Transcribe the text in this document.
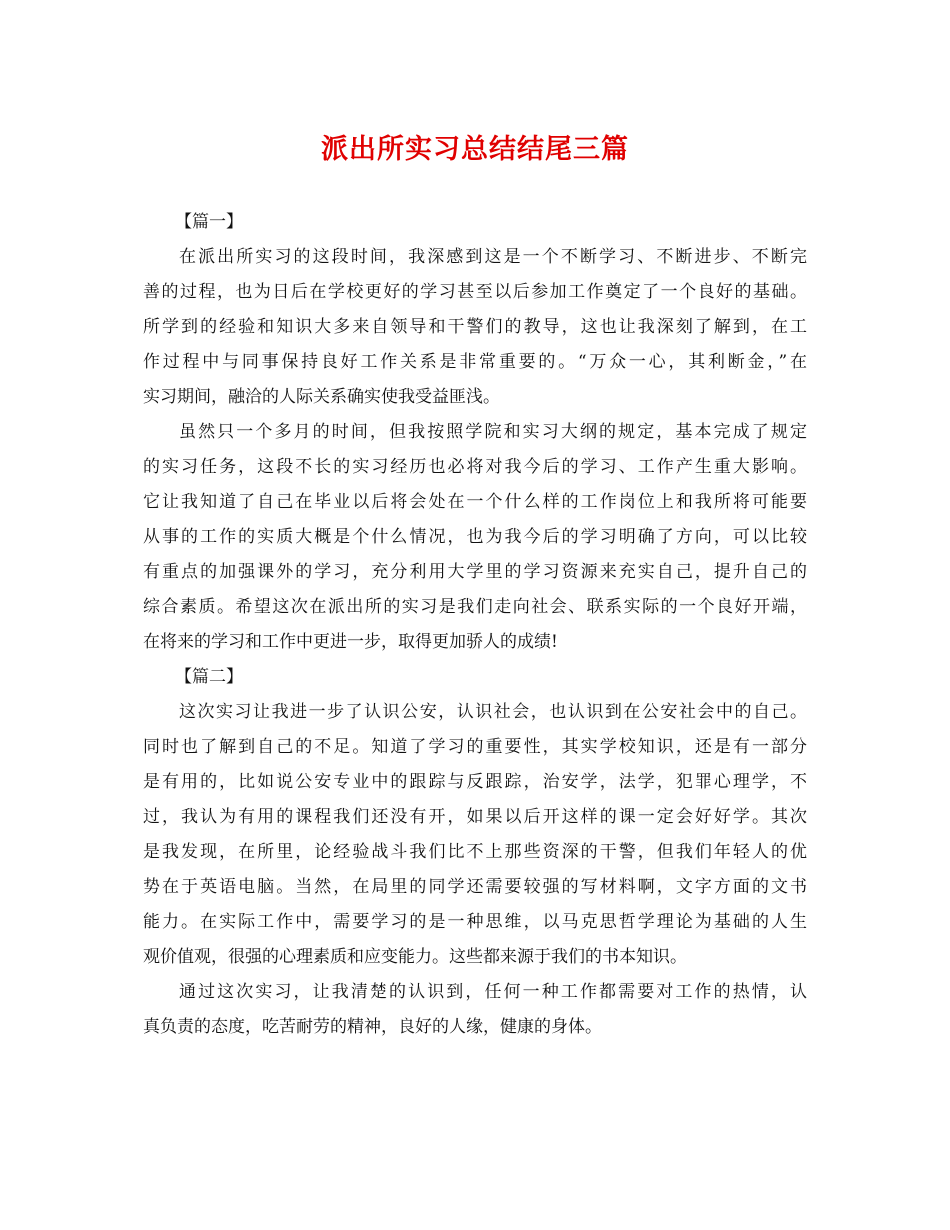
派出所实习总结结尾三篇

【篇一】

在派出所实习的这段时间，我深感到这是一个不断学习、不断进步、不断完
善的过程，也为日后在学校更好的学习甚至以后参加工作奠定了一个良好的基础。
所学到的经验和知识大多来自领导和干警们的教导，这也让我深刻了解到，在工
作过程中与同事保持良好工作关系是非常重要的。“万众一心，其利断金，”在
实习期间，融洽的人际关系确实使我受益匪浅。

虽然只一个多月的时间，但我按照学院和实习大纲的规定，基本完成了规定
的实习任务，这段不长的实习经历也必将对我今后的学习、工作产生重大影响。
它让我知道了自己在毕业以后将会处在一个什么样的工作岗位上和我所将可能要
从事的工作的实质大概是个什么情况，也为我今后的学习明确了方向，可以比较
有重点的加强课外的学习，充分利用大学里的学习资源来充实自己，提升自己的
综合素质。希望这次在派出所的实习是我们走向社会、联系实际的一个良好开端，
在将来的学习和工作中更进一步，取得更加骄人的成绩!

【篇二】

这次实习让我进一步了认识公安，认识社会，也认识到在公安社会中的自己。
同时也了解到自己的不足。知道了学习的重要性，其实学校知识，还是有一部分
是有用的，比如说公安专业中的跟踪与反跟踪，治安学，法学，犯罪心理学，不
过，我认为有用的课程我们还没有开，如果以后开这样的课一定会好好学。其次
是我发现，在所里，论经验战斗我们比不上那些资深的干警，但我们年轻人的优
势在于英语电脑。当然，在局里的同学还需要较强的写材料啊，文字方面的文书
能力。在实际工作中，需要学习的是一种思维，以马克思哲学理论为基础的人生
观价值观，很强的心理素质和应变能力。这些都来源于我们的书本知识。

通过这次实习，让我清楚的认识到，任何一种工作都需要对工作的热情，认
真负责的态度，吃苦耐劳的精神，良好的人缘，健康的身体。
